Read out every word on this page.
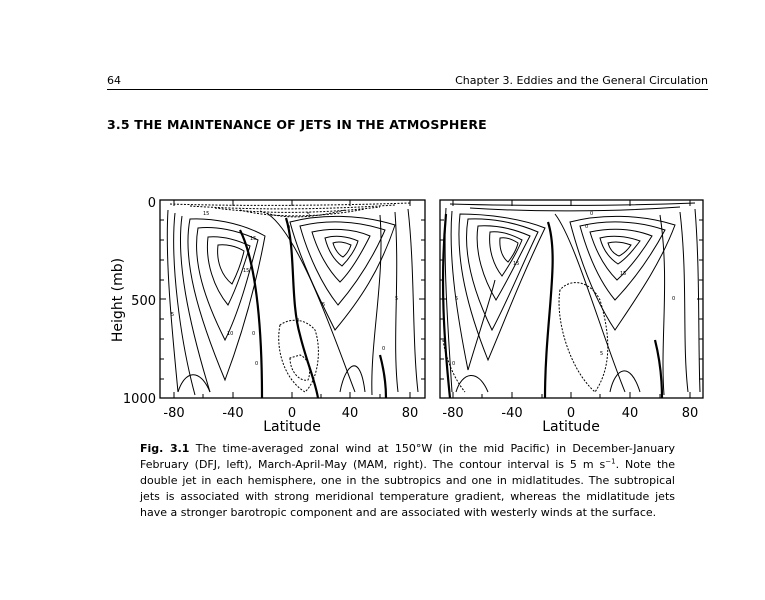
64	Chapter 3. Eddies and the General Circulation
3.5 THE MAINTENANCE OF JETS IN THE ATMOSPHERE
Height (mb)
0
500
1000
15
15
15
10
5
0
5
0
5
0
5
0
0
15
15
0
5
0
5
0
0
-80	-40	0	40	80
Latitude
-80	-40	0	40	80
Latitude
Fig. 3.1 The time-averaged zonal wind at 150°W (in the mid Pacific) in December-January February (DFJ, left), March-April-May (MAM, right). The contour interval is 5 m $s^{-1}$. Note the double jet in each hemisphere, one in the subtropics and one in midlatitudes. The subtropical jets is associated with strong meridional temperature gradient, whereas the midlatitude jets have a stronger barotropic component and are associated with westerly winds at the surface.
